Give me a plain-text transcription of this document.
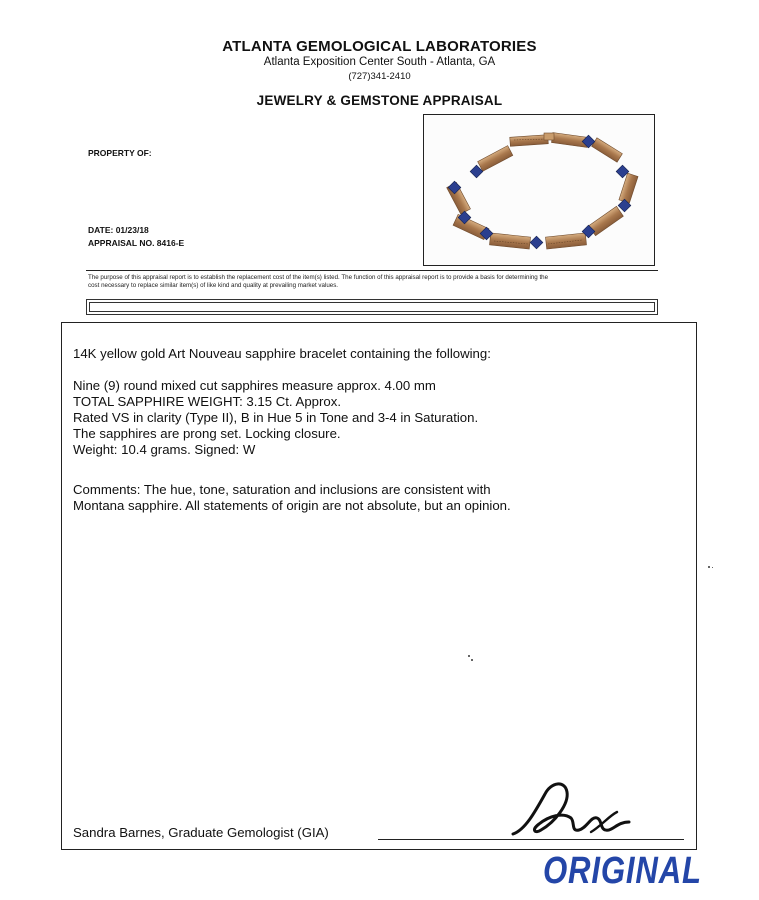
ATLANTA GEMOLOGICAL LABORATORIES
Atlanta Exposition Center South - Atlanta, GA
(727)341-2410
JEWELRY & GEMSTONE APPRAISAL
PROPERTY OF:
DATE: 01/23/18
APPRAISAL NO. 8416-E
The purpose of this appraisal report is to establish the replacement cost of the item(s) listed. The function of this appraisal report is to provide a basis for determining the
cost necessary to replace similar item(s) of like kind and quality at prevailing market values.
14K yellow gold Art Nouveau sapphire bracelet containing the following:
Nine (9) round mixed cut sapphires measure approx. 4.00 mm
TOTAL SAPPHIRE WEIGHT: 3.15 Ct. Approx.
Rated VS in clarity (Type II), B in Hue 5 in Tone and 3-4 in Saturation.
The sapphires are prong set. Locking closure.
Weight: 10.4 grams. Signed: W
Comments: The hue, tone, saturation and inclusions are consistent with
Montana sapphire. All statements of origin are not absolute, but an opinion.
Sandra Barnes, Graduate Gemologist (GIA)
ORIGINAL
